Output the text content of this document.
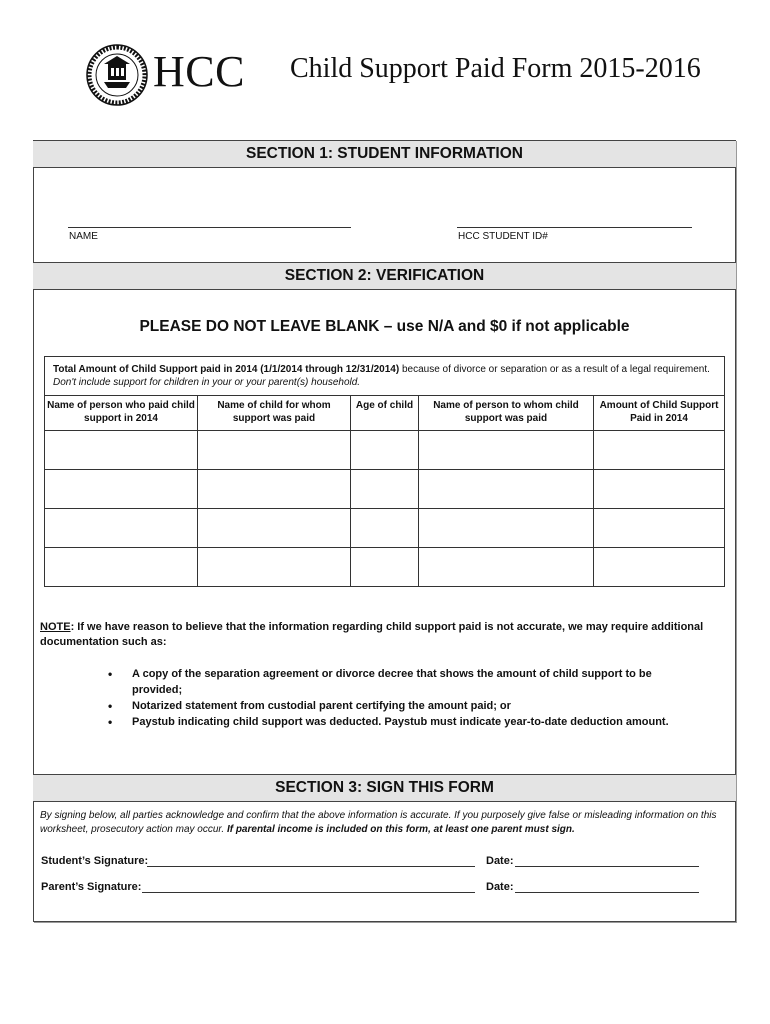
HCC Child Support Paid Form 2015-2016
SECTION 1: STUDENT INFORMATION
NAME	HCC STUDENT ID#
SECTION 2: VERIFICATION
PLEASE DO NOT LEAVE BLANK – use N/A and $0 if not applicable
Total Amount of Child Support paid in 2014 (1/1/2014 through 12/31/2014) because of divorce or separation or as a result of a legal requirement.
Don't include support for children in your or your parent(s) household.				
Name of person who paid child support in 2014	Name of child for whom support was paid	Age of child	Name of person to whom child support was paid	Amount of Child Support Paid in 2014

NOTE: If we have reason to believe that the information regarding child support paid is not accurate, we may require additional documentation such as:
• A copy of the separation agreement or divorce decree that shows the amount of child support to be provided;
• Notarized statement from custodial parent certifying the amount paid; or
• Paystub indicating child support was deducted. Paystub must indicate year-to-date deduction amount.
SECTION 3: SIGN THIS FORM
By signing below, all parties acknowledge and confirm that the above information is accurate. If you purposely give false or misleading information on this worksheet, prosecutory action may occur. If parental income is included on this form, at least one parent must sign.
Student’s Signature:	Date:
Parent’s Signature:	Date:
